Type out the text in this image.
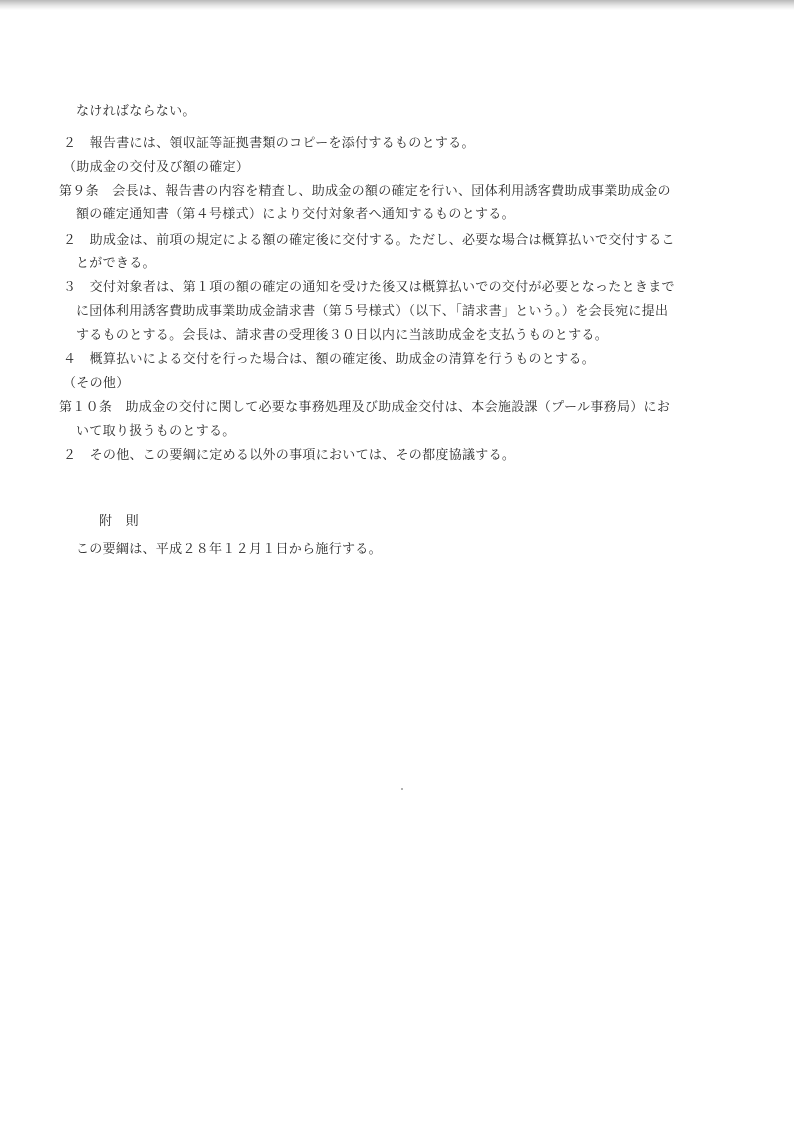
なければならない。
２　報告書には、領収証等証拠書類のコピーを添付するものとする。
（助成金の交付及び額の確定）
第９条　会長は、報告書の内容を精査し、助成金の額の確定を行い、団体利用誘客費助成事業助成金の
額の確定通知書（第４号様式）により交付対象者へ通知するものとする。
２　助成金は、前項の規定による額の確定後に交付する。ただし、必要な場合は概算払いで交付するこ
とができる。
３　交付対象者は、第１項の額の確定の通知を受けた後又は概算払いでの交付が必要となったときまで
に団体利用誘客費助成事業助成金請求書（第５号様式）（以下、「請求書」という。）を会長宛に提出
するものとする。会長は、請求書の受理後３０日以内に当該助成金を支払うものとする。
４　概算払いによる交付を行った場合は、額の確定後、助成金の清算を行うものとする。
（その他）
第１０条　助成金の交付に関して必要な事務処理及び助成金交付は、本会施設課（プール事務局）にお
いて取り扱うものとする。
２　その他、この要綱に定める以外の事項においては、その都度協議する。
附　則
この要綱は、平成２８年１２月１日から施行する。
